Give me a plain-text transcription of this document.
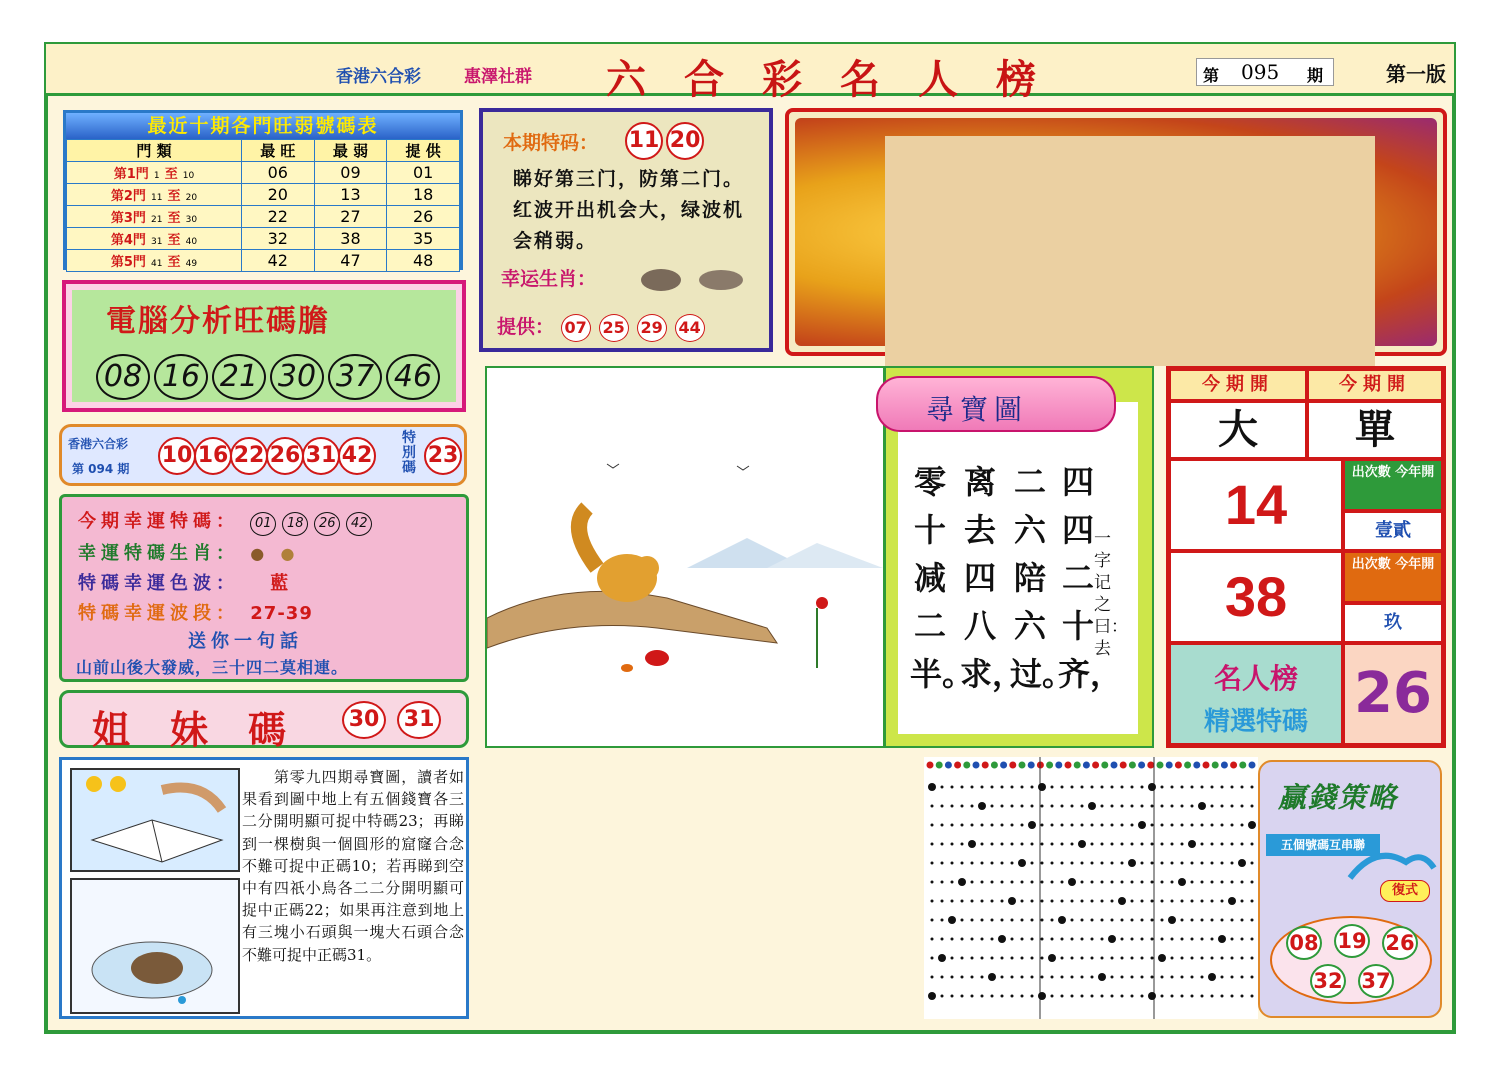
香港六合彩	惠澤社群 六合彩名人榜	第 095 期	第一版
最近十期各門旺弱號碼表
門 類	最 旺	最 弱	提 供
第1門 1 至 10	06	09	01
第2門 11 至 20	20	13	18
第3門 21 至 30	22	27	26
第4門 31 至 40	32	38	35
第5門 41 至 49	42	47	48
電腦分析旺碼膽
08 16 21 30 37 46
香港六合彩
第 094 期
10 16 22 26 31 42
特別碼 23
今期幸運特碼： 01 18 26 42
幸運特碼生肖： ● ●
特碼幸運色波： 藍
特碼幸運波段： 27-39
送你一句話
山前山後大發威，三十四二莫相連。
姐妹碼	30 31
　　第零九四期尋寶圖，讀者如果看到圖中地上有五個錢寶各三二分開明顯可捉中特碼23；再睇到一棵樹與一個圓形的窟窿合念不難可捉中正碼10；若再睇到空中有四祇小鳥各二二分開明顯可捉中正碼22；如果再注意到地上有三塊小石頭與一塊大石頭合念不難可捉中正碼31。
本期特码： 11 20
睇好第三门，防第二门。红波开出机会大，绿波机会稍弱。
幸运生肖：
提供： 07 25 29 44
尋寶圖
零十减二半。
离去四八求，
二六陪六过。
四四二十齐，
一字记之曰：去
今期開	今期開
大	單
14
出次數 今年開
壹貳
38
出次數 今年開
玖
名人榜
精選特碼 26
贏錢策略
五個號碼互串聯
復式
08 19 26
32 37
